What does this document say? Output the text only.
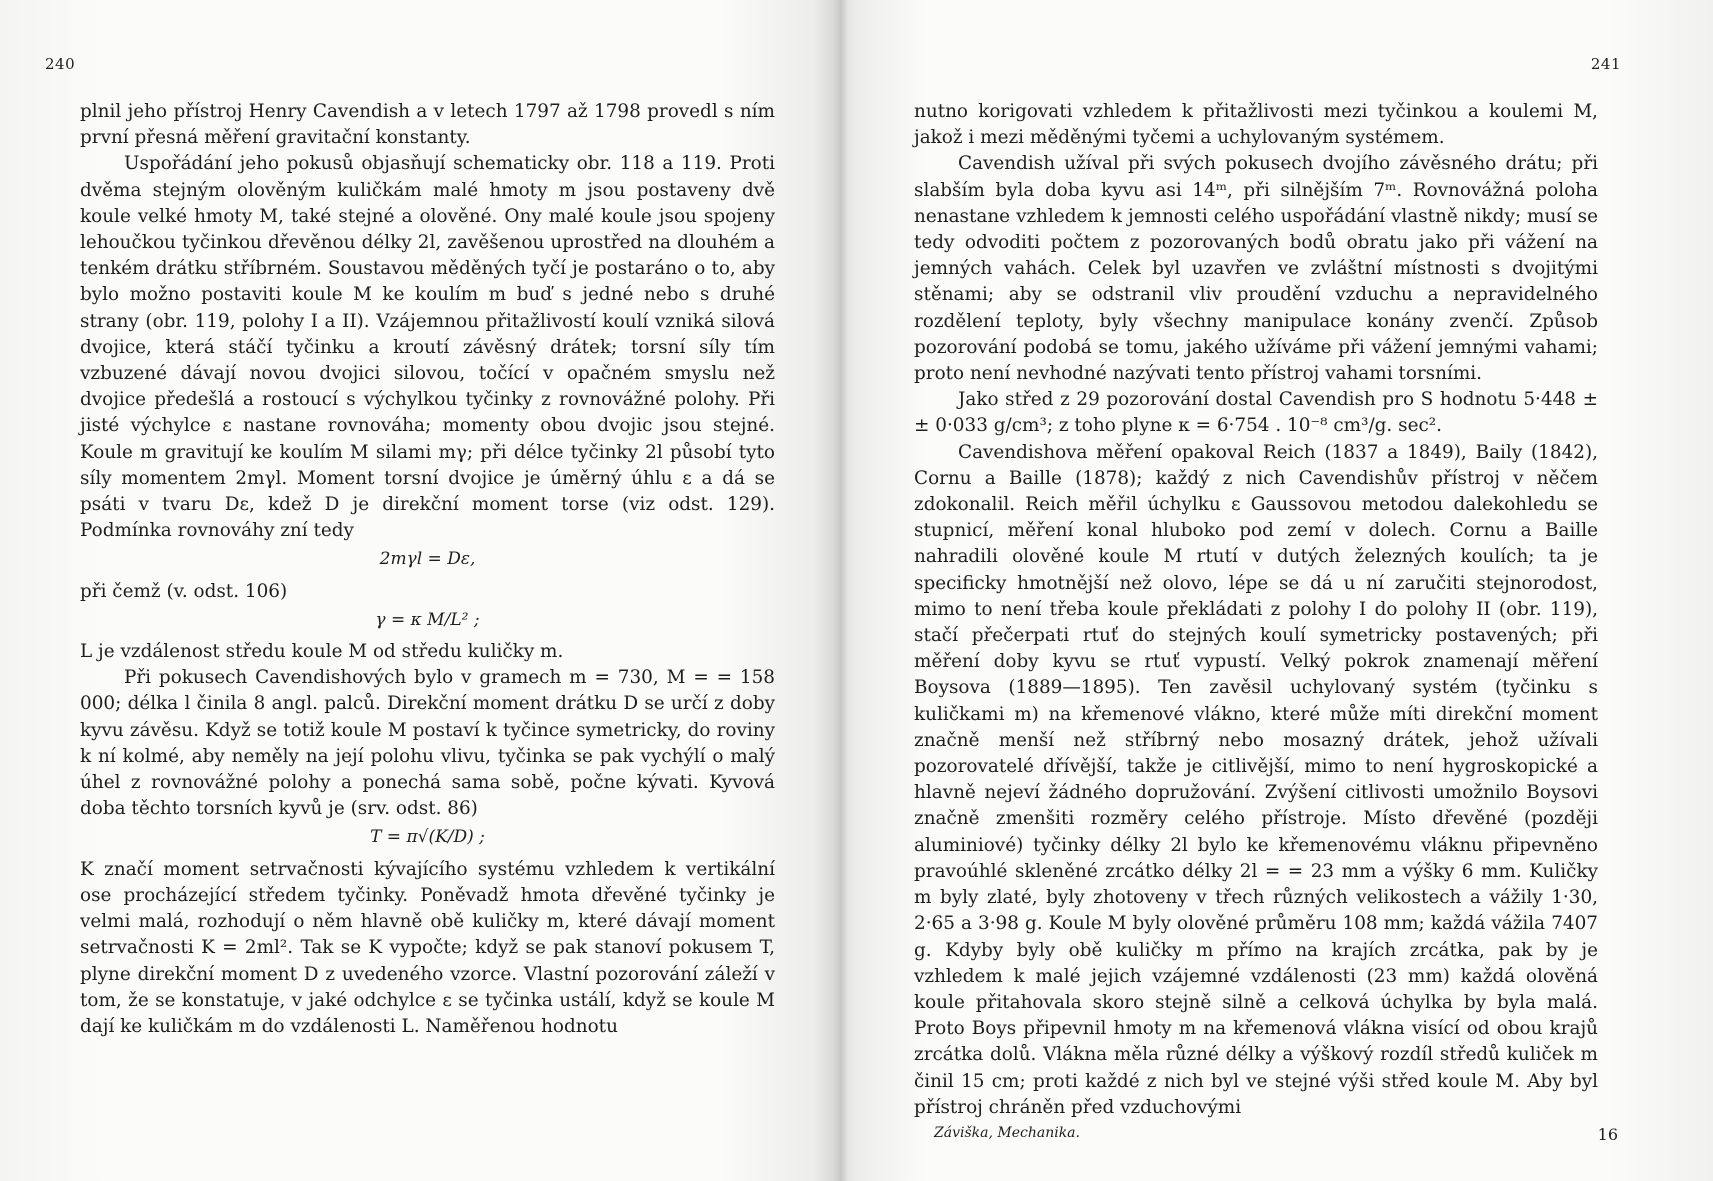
240

plnil jeho přístroj Henry Cavendish a v letech 1797 až 1798 provedl s ním první přesná měření gravitační konstanty.

Uspořádání jeho pokusů objasňují schematicky obr. 118 a 119. Proti dvěma stejným olověným kuličkám malé hmoty m jsou postaveny dvě koule velké hmoty M, také stejné a olověné. Ony malé koule jsou spojeny lehoučkou tyčinkou dřevěnou délky 2l, zavěšenou uprostřed na dlouhém a tenkém drátku stříbrném. Soustavou měděných tyčí je postaráno o to, aby bylo možno postaviti koule M ke koulím m buď s jedné nebo s druhé strany (obr. 119, polohy I a II). Vzájemnou přitažlivostí koulí vzniká silová dvojice, která stáčí tyčinku a kroutí závěsný drátek; torsní síly tím vzbuzené dávají novou dvojici silovou, točící v opačném smyslu než dvojice předešlá a rostoucí s výchylkou tyčinky z rovnovážné polohy. Při jisté výchylce ε nastane rovnováha; momenty obou dvojic jsou stejné. Koule m gravitují ke koulím M silami mγ; při délce tyčinky 2l působí tyto síly momentem 2mγl. Moment torsní dvojice je úměrný úhlu ε a dá se psáti v tvaru Dε, kdež D je direkční moment torse (viz odst. 129). Podmínka rovnováhy zní tedy

2mγl = Dε,

při čemž (v. odst. 106)

γ = κ M/L² ;

L je vzdálenost středu koule M od středu kuličky m.

Při pokusech Cavendishových bylo v gramech m = 730, M = = 158 000; délka l činila 8 angl. palců. Direkční moment drátku D se určí z doby kyvu závěsu. Když se totiž koule M postaví k tyčince symetricky, do roviny k ní kolmé, aby neměly na její polohu vlivu, tyčinka se pak vychýlí o malý úhel z rovnovážné polohy a ponechá sama sobě, počne kývati. Kyvová doba těchto torsních kyvů je (srv. odst. 86)

T = π√(K/D) ;

K značí moment setrvačnosti kývajícího systému vzhledem k vertikální ose procházející středem tyčinky. Poněvadž hmota dřevěné tyčinky je velmi malá, rozhodují o něm hlavně obě kuličky m, které dávají moment setrvačnosti K = 2ml². Tak se K vypočte; když se pak stanoví pokusem T, plyne direkční moment D z uvedeného vzorce. Vlastní pozorování záleží v tom, že se konstatuje, v jaké odchylce ε se tyčinka ustálí, když se koule M dají ke kuličkám m do vzdálenosti L. Naměřenou hodnotu

241

nutno korigovati vzhledem k přitažlivosti mezi tyčinkou a koulemi M, jakož i mezi měděnými tyčemi a uchylovaným systémem.

Cavendish užíval při svých pokusech dvojího závěsného drátu; při slabším byla doba kyvu asi 14ᵐ, při silnějším 7ᵐ. Rovnovážná poloha nenastane vzhledem k jemnosti celého uspořádání vlastně nikdy; musí se tedy odvoditi počtem z pozorovaných bodů obratu jako při vážení na jemných vahách. Celek byl uzavřen ve zvláštní místnosti s dvojitými stěnami; aby se odstranil vliv proudění vzduchu a nepravidelného rozdělení teploty, byly všechny manipulace konány zvenčí. Způsob pozorování podobá se tomu, jakého užíváme při vážení jemnými vahami; proto není nevhodné nazývati tento přístroj vahami torsními.

Jako střed z 29 pozorování dostal Cavendish pro S hodnotu 5·448 ± ± 0·033 g/cm³; z toho plyne κ = 6·754 . 10⁻⁸ cm³/g. sec².

Cavendishova měření opakoval Reich (1837 a 1849), Baily (1842), Cornu a Baille (1878); každý z nich Cavendishův přístroj v něčem zdokonalil. Reich měřil úchylku ε Gaussovou metodou dalekohledu se stupnicí, měření konal hluboko pod zemí v dolech. Cornu a Baille nahradili olověné koule M rtutí v dutých železných koulích; ta je specificky hmotnější než olovo, lépe se dá u ní zaručiti stejnorodost, mimo to není třeba koule překládati z polohy I do polohy II (obr. 119), stačí přečerpati rtuť do stejných koulí symetricky postavených; při měření doby kyvu se rtuť vypustí. Velký pokrok znamenají měření Boysova (1889—1895). Ten zavěsil uchylovaný systém (tyčinku s kuličkami m) na křemenové vlákno, které může míti direkční moment značně menší než stříbrný nebo mosazný drátek, jehož užívali pozorovatelé dřívější, takže je citlivější, mimo to není hygroskopické a hlavně nejeví žádného dopružování. Zvýšení citlivosti umožnilo Boysovi značně zmenšiti rozměry celého přístroje. Místo dřevěné (později aluminiové) tyčinky délky 2l bylo ke křemenovému vláknu připevněno pravoúhlé skleněné zrcátko délky 2l = = 23 mm a výšky 6 mm. Kuličky m byly zlaté, byly zhotoveny v třech různých velikostech a vážily 1·30, 2·65 a 3·98 g. Koule M byly olověné průměru 108 mm; každá vážila 7407 g. Kdyby byly obě kuličky m přímo na krajích zrcátka, pak by je vzhledem k malé jejich vzájemné vzdálenosti (23 mm) každá olověná koule přitahovala skoro stejně silně a celková úchylka by byla malá. Proto Boys připevnil hmoty m na křemenová vlákna visící od obou krajů zrcátka dolů. Vlákna měla různé délky a výškový rozdíl středů kuliček m činil 15 cm; proti každé z nich byl ve stejné výši střed koule M. Aby byl přístroj chráněn před vzduchovými

Záviška, Mechanika.	16
